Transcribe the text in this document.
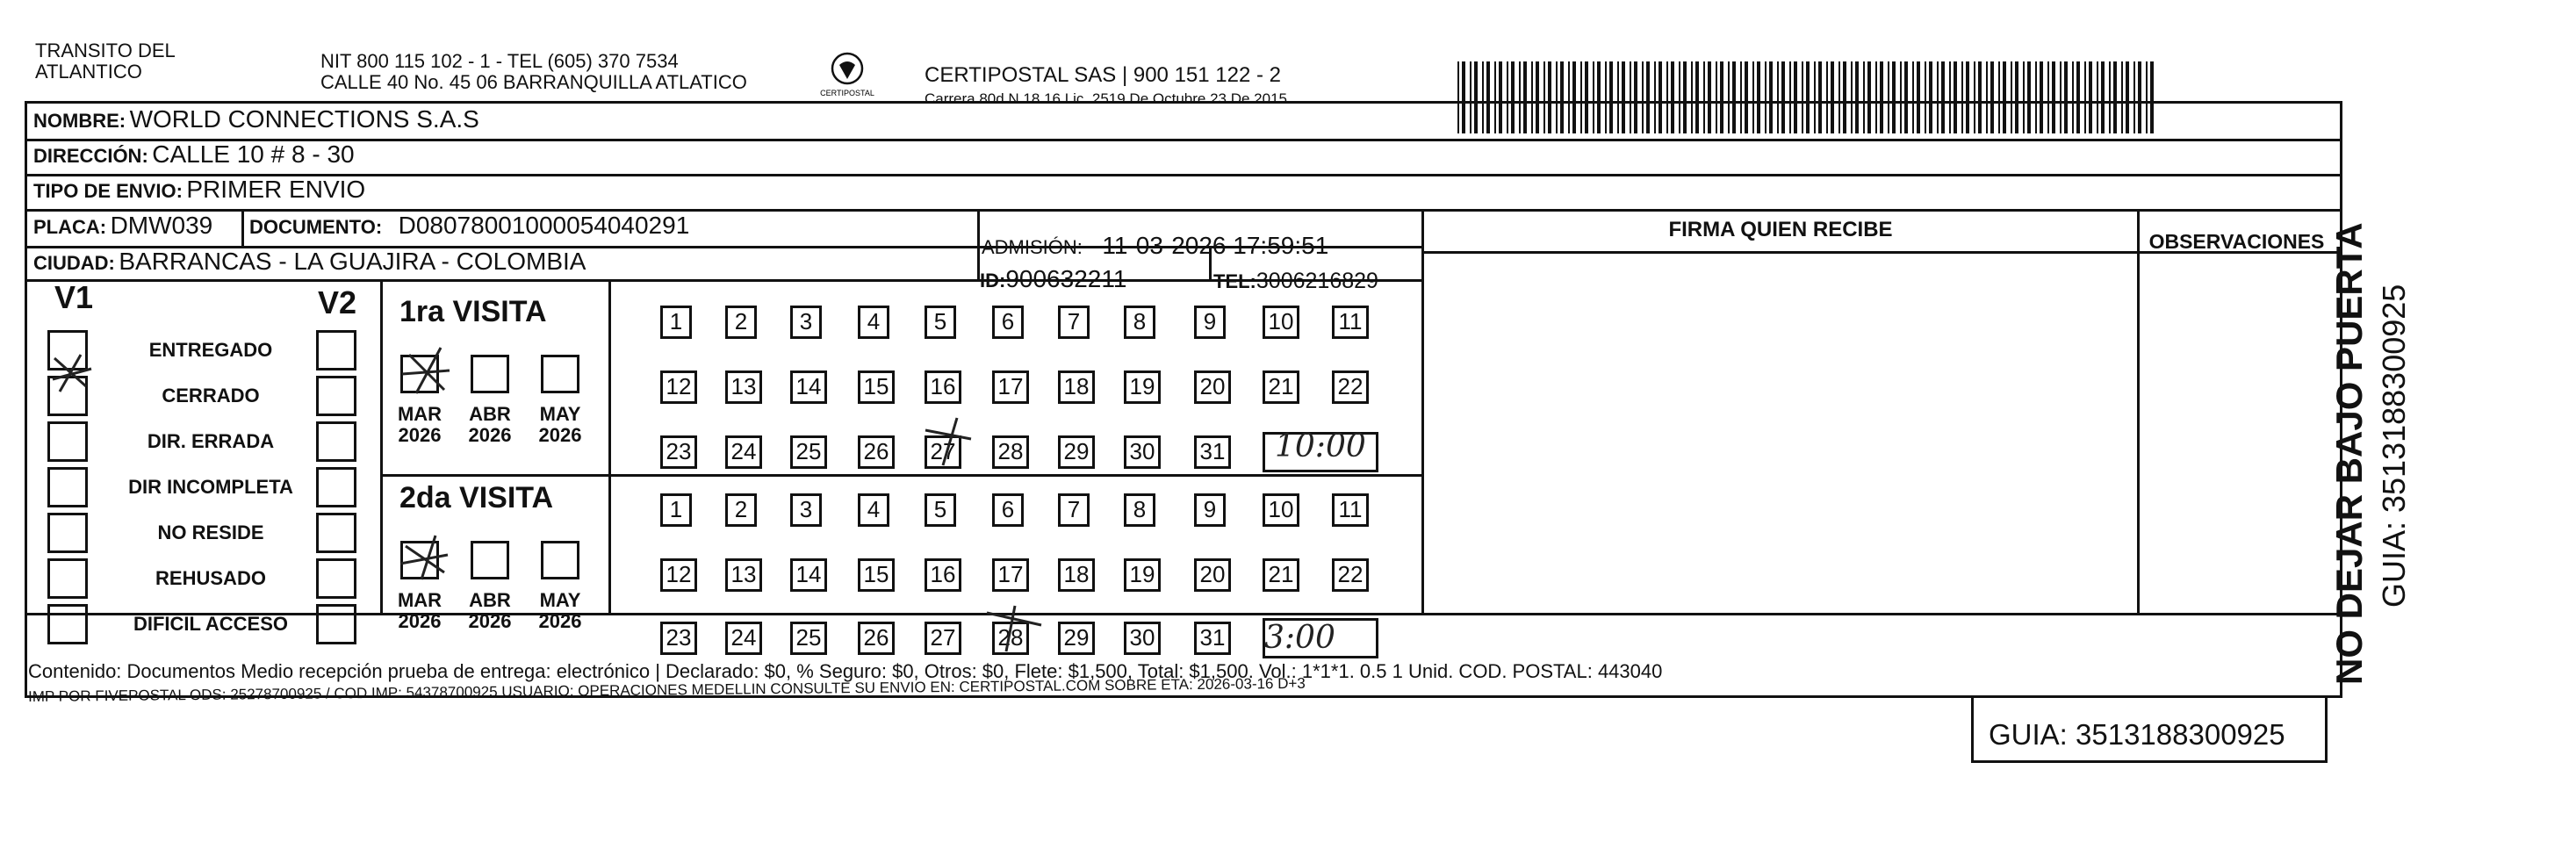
TRANSITO DEL
ATLANTICO	NIT 800 115 102 - 1 - TEL (605) 370 7534
CALLE 40 No. 45 06 BARRANQUILLA ATLATICO	CERTIPOSTAL
CERTIPOSTAL SAS | 900 151 122 - 2
Carrera 80d N 18 16 Lic. 2519 De Octubre 23 De 2015
NOMBRE: WORLD CONNECTIONS S.A.S
DIRECCIÓN: CALLE 10 # 8 - 30
TIPO DE ENVIO: PRIMER ENVIO
PLACA: DMW039 DOCUMENTO: D08078001000054040291
ADMISIÓN: 11-03-2026 17:59:51
CIUDAD: BARRANCAS - LA GUAJIRA - COLOMBIA
ID:900632211	TEL:3006216829
FIRMA QUIEN RECIBE	OBSERVACIONES
V1	V2
ENTREGADO
CERRADO
DIR. ERRADA
DIR INCOMPLETA
NO RESIDE
REHUSADO
DIFICIL ACCESO
1ra VISITA
2da VISITA
MAR
2026
ABR
2026
MAY
2026
MAR
2026
ABR
2026
MAY
2026
1	2	3	4	5	6	7	8	9	10 11
12 13 14 15 16 17 18 19 20 21 22
23 24 25 26 27 28 29 30 31
1	2	3	4	5	6	7	8	9	10 11
12 13 14 15 16 17 18 19 20 21 22
23 24 25 26 27 28 29 30 31
10:00
3:00
Contenido: Documentos Medio recepción prueba de entrega: electrónico | Declarado: $0, % Seguro: $0, Otros: $0, Flete: $1,500, Total: $1,500. Vol.: 1*1*1. 0.5 1 Unid. COD. POSTAL: 443040
IMP POR FIVEPOSTAL ODS: 25278700925 / COD.IMP: 54378700925 USUARIO: OPERACIONES MEDELLIN CONSULTE SU ENVIO EN: CERTIPOSTAL.COM SOBRE ETA: 2026-03-16 D+3
GUIA: 3513188300925
NO DEJAR BAJO PUERTA GUIA: 3513188300925
